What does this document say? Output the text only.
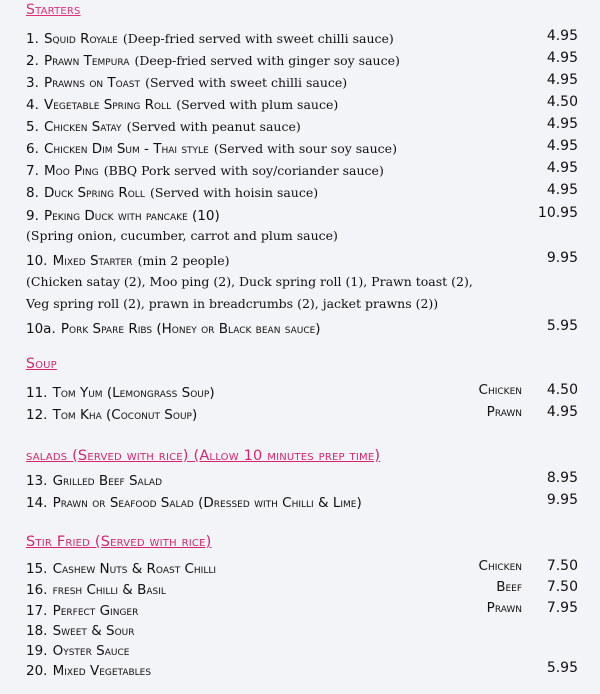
Starters
1. Squid Royale (Deep-fried served with sweet chilli sauce)	4.95
2. Prawn Tempura (Deep-fried served with ginger soy sauce)	4.95
3. Prawns on Toast (Served with sweet chilli sauce)	4.95
4. Vegetable Spring Roll (Served with plum sauce)	4.50
5. Chicken Satay (Served with peanut sauce)	4.95
6. Chicken Dim Sum - Thai style (Served with sour soy sauce)	4.95
7. Moo Ping (BBQ Pork served with soy/coriander sauce)	4.95
8. Duck Spring Roll (Served with hoisin sauce)	4.95
9. Peking Duck with pancake (10)	10.95
(Spring onion, cucumber, carrot and plum sauce)
10. Mixed Starter (min 2 people)	9.95
(Chicken satay (2), Moo ping (2), Duck spring roll (1), Prawn toast (2),
Veg spring roll (2), prawn in breadcrumbs (2), jacket prawns (2))
10a. Pork Spare Ribs (Honey or Black bean sauce)	5.95
Soup
11. Tom Yum (Lemongrass Soup)	Chicken 4.50
12. Tom Kha (Coconut Soup)	Prawn 4.95
salads (Served with rice) (Allow 10 minutes prep time)
13. Grilled Beef Salad	8.95
14. Prawn or Seafood Salad (Dressed with Chilli & Lime)	9.95
Stir Fried (Served with rice)
15. Cashew Nuts & Roast Chilli	Chicken 7.50
16. fresh Chilli & Basil	Beef 7.50
17. Perfect Ginger	Prawn 7.95
18. Sweet & Sour
19. Oyster Sauce
20. Mixed Vegetables	5.95
